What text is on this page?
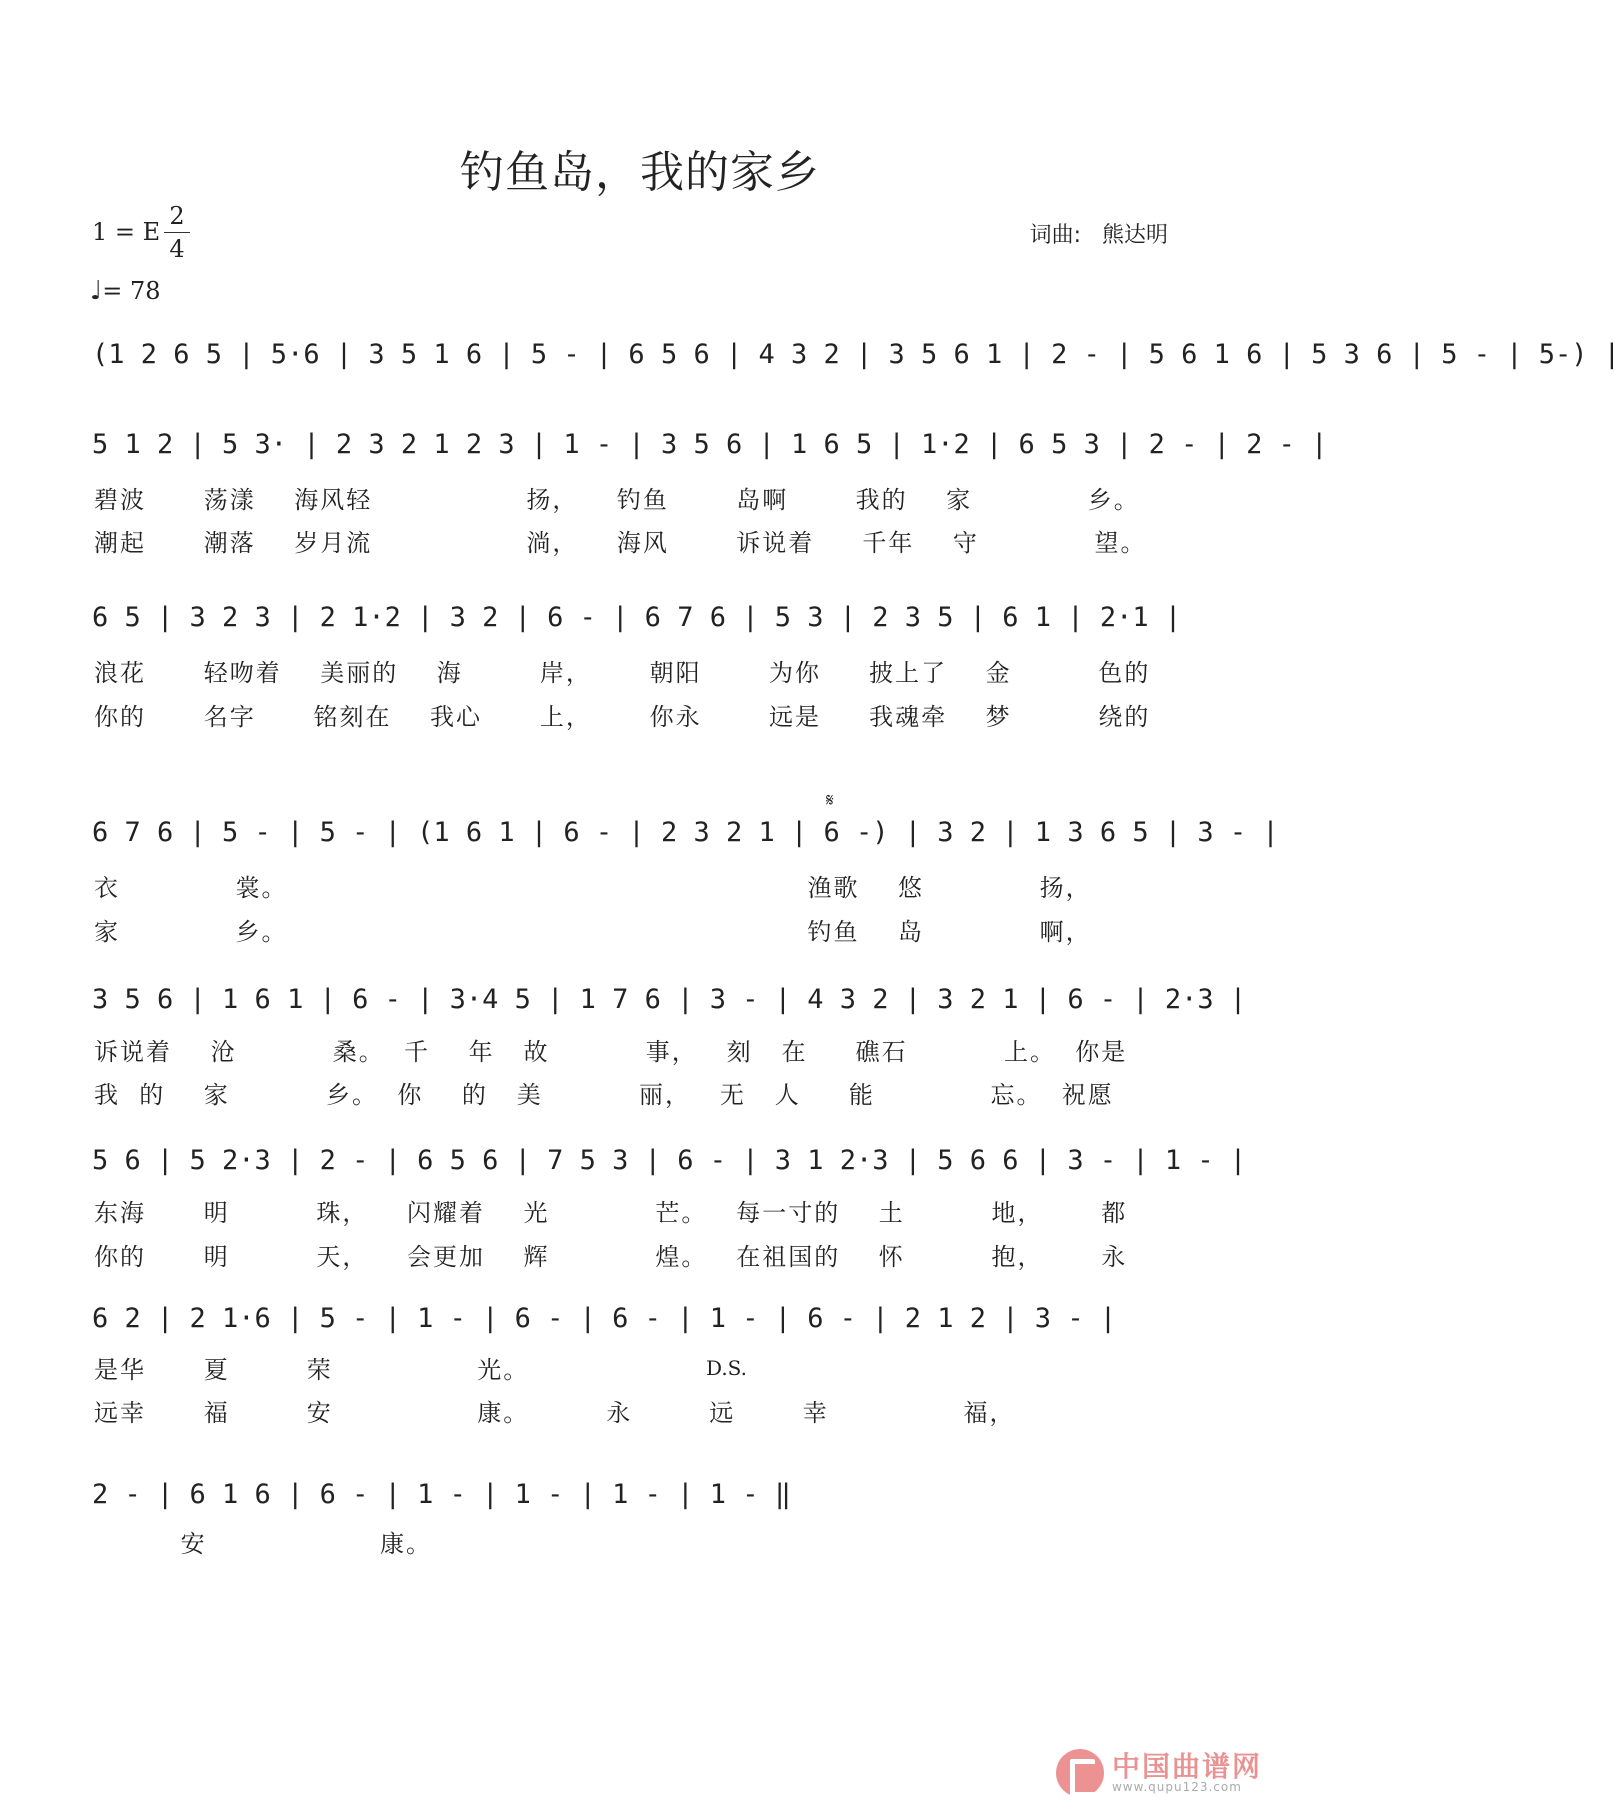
钓鱼岛，我的家乡
1 = E
2
4
♩= 78
词曲: 熊达明
(1 2 6 5 | 5·6 | 3 5 1 6 | 5 - | 6 5 6 | 4 3 2 | 3 5 6 1 | 2 - | 5 6 1 6 | 5 3 6 | 5 - | 5-) |
5 1 2 | 5 3· | 2 3 2 1 2 3 | 1 - | 3 5 6 | 1 6 5 | 1·2 | 6 5 3 | 2 - | 2 - |
碧波      荡漾    海风轻                扬，    钓鱼       岛啊       我的    家            乡。
潮起      潮落    岁月流                淌，    海风       诉说着     千年    守            望。
6 5 | 3 2 3 | 2 1·2 | 3 2 | 6 - | 6 7 6 | 5 3 | 2 3 5 | 6 1 | 2·1 |
浪花      轻吻着    美丽的    海        岸，      朝阳       为你     披上了    金         色的
你的      名字      铭刻在    我心      上，      你永       远是     我魂牵    梦         绕的
6 7 6 | 5 - | 5 - | (1 6 1 | 6 - | 2 3 2 1 | 6 -) | 3 2 | 1 3 6 5 | 3 - |
𝄋
衣            裳。                                                      渔歌    悠            扬，
家            乡。                                                      钓鱼    岛            啊，
3 5 6 | 1 6 1 | 6 - | 3·4 5 | 1 7 6 | 3 - | 4 3 2 | 3 2 1 | 6 - | 2·3 |
诉说着    沧          桑。  千    年   故          事，   刻   在     礁石          上。  你是
我  的    家          乡。  你    的   美          丽，   无   人     能            忘。  祝愿
5 6 | 5 2·3 | 2 - | 6 5 6 | 7 5 3 | 6 - | 3 1 2·3 | 5 6 6 | 3 - | 1 - |
东海      明         珠，    闪耀着    光           芒。   每一寸的    土         地，      都
你的      明         天，    会更加    辉           煌。   在祖国的    怀         抱，      永
6 2 | 2 1·6 | 5 - | 1 - | 6 - | 6 - | 1 - | 6 - | 2 1 2 | 3 - |
是华      夏        荣               光。	D.S.
远幸      福        安               康。        永        远       幸              福，
2 - | 6 1 6 | 6 - | 1 - | 1 - | 1 - | 1 - ‖
安                  康。
中国曲谱网
www.qupu123.com
